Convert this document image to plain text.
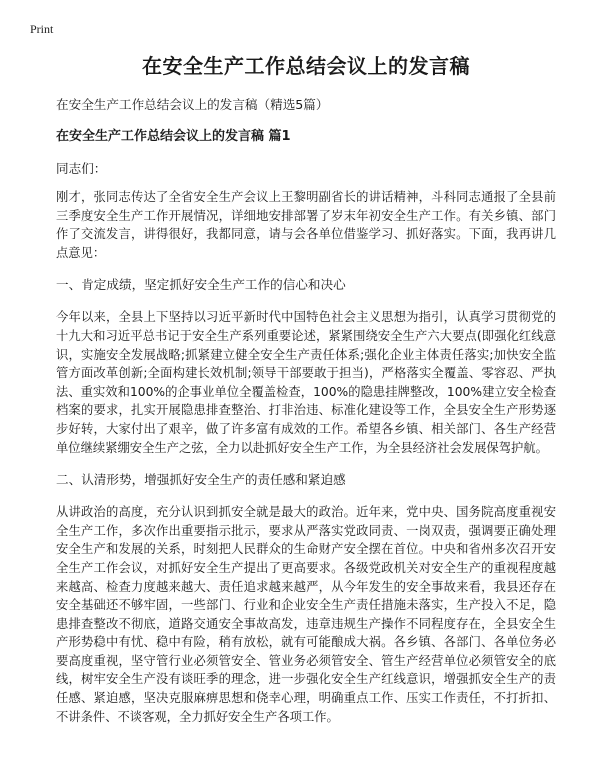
Print
在安全生产工作总结会议上的发言稿

在安全生产工作总结会议上的发言稿（精选5篇）

在安全生产工作总结会议上的发言稿 篇1

同志们：

刚才，张同志传达了全省安全生产会议上王黎明副省长的讲话精神，斗科同志通报了全县前三季度安全生产工作开展情况，详细地安排部署了岁末年初安全生产工作。有关乡镇、部门作了交流发言，讲得很好，我都同意，请与会各单位借鉴学习、抓好落实。下面，我再讲几点意见：

一、肯定成绩，坚定抓好安全生产工作的信心和决心

今年以来，全县上下坚持以习近平新时代中国特色社会主义思想为指引，认真学习贯彻党的十九大和习近平总书记于安全生产系列重要论述，紧紧围绕安全生产六大要点(即强化红线意识，实施安全发展战略;抓紧建立健全安全生产责任体系;强化企业主体责任落实;加快安全监管方面改革创新;全面构建长效机制;领导干部要敢于担当)，严格落实全覆盖、零容忍、严执法、重实效和100%的企事业单位全覆盖检查，100%的隐患挂牌整改，100%建立安全检查档案的要求，扎实开展隐患排查整治、打非治违、标准化建设等工作，全县安全生产形势逐步好转，大家付出了艰辛，做了许多富有成效的工作。希望各乡镇、相关部门、各生产经营单位继续紧绷安全生产之弦，全力以赴抓好安全生产工作，为全县经济社会发展保驾护航。

二、认清形势，增强抓好安全生产的责任感和紧迫感

从讲政治的高度，充分认识到抓安全就是最大的政治。近年来，党中央、国务院高度重视安全生产工作，多次作出重要指示批示，要求从严落实党政同责、一岗双责，强调要正确处理安全生产和发展的关系，时刻把人民群众的生命财产安全摆在首位。中央和省州多次召开安全生产工作会议，对抓好安全生产提出了更高要求。各级党政机关对安全生产的重视程度越来越高、检查力度越来越大、责任追求越来越严，从今年发生的安全事故来看，我县还存在安全基础还不够牢固，一些部门、行业和企业安全生产责任措施未落实，生产投入不足，隐患排查整改不彻底，道路交通安全事故高发，违章违规生产操作不同程度存在，全县安全生产形势稳中有忧、稳中有险，稍有放松，就有可能酿成大祸。各乡镇、各部门、各单位务必要高度重视，坚守管行业必须管安全、管业务必须管安全、管生产经营单位必须管安全的底线，树牢安全生产没有谈旺季的理念，进一步强化安全生产红线意识，增强抓安全生产的责任感、紧迫感，坚决克服麻痹思想和侥幸心理，明确重点工作、压实工作责任，不打折扣、不讲条件、不谈客观，全力抓好安全生产各项工作。
